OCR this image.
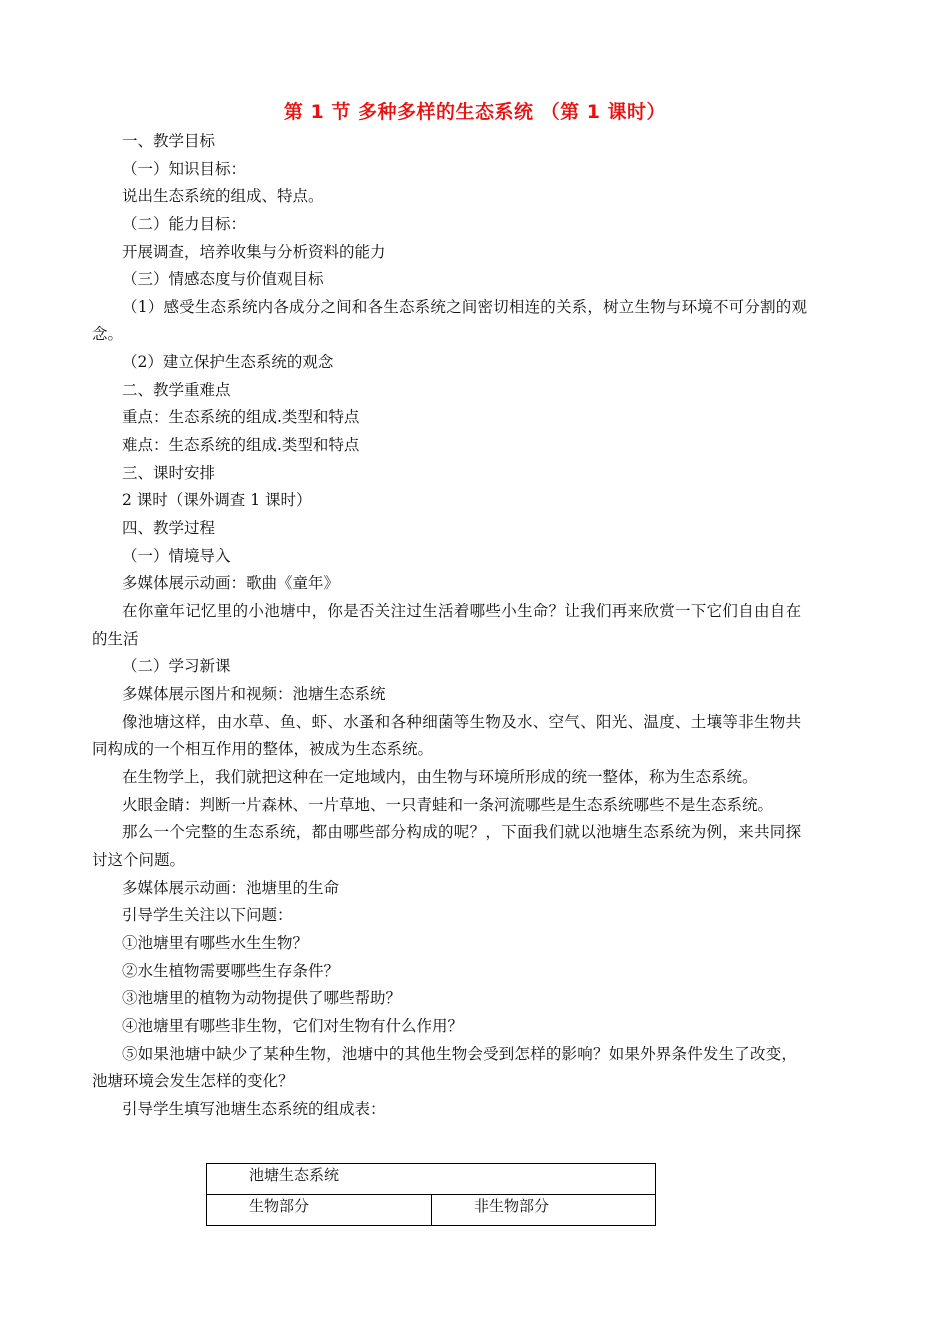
第 1 节 多种多样的生态系统 （第 1 课时）
一、教学目标
（一）知识目标：
说出生态系统的组成、特点。
（二）能力目标：
开展调查，培养收集与分析资料的能力
（三）情感态度与价值观目标
（1）感受生态系统内各成分之间和各生态系统之间密切相连的关系，树立生物与环境不可分割的观
念。
（2）建立保护生态系统的观念
二、教学重难点
重点：生态系统的组成.类型和特点
难点：生态系统的组成.类型和特点
三、课时安排
2 课时（课外调查 1 课时）
四、教学过程
（一）情境导入
多媒体展示动画：歌曲《童年》
在你童年记忆里的小池塘中，你是否关注过生活着哪些小生命？让我们再来欣赏一下它们自由自在
的生活
（二）学习新课
多媒体展示图片和视频：池塘生态系统
像池塘这样，由水草、鱼、虾、水蚤和各种细菌等生物及水、空气、阳光、温度、土壤等非生物共
同构成的一个相互作用的整体，被成为生态系统。
在生物学上，我们就把这种在一定地域内，由生物与环境所形成的统一整体，称为生态系统。
火眼金睛：判断一片森林、一片草地、一只青蛙和一条河流哪些是生态系统哪些不是生态系统。
那么一个完整的生态系统，都由哪些部分构成的呢？，下面我们就以池塘生态系统为例，来共同探
讨这个问题。
多媒体展示动画：池塘里的生命
引导学生关注以下问题：
①池塘里有哪些水生生物？
②水生植物需要哪些生存条件？
③池塘里的植物为动物提供了哪些帮助？
④池塘里有哪些非生物，它们对生物有什么作用？
⑤如果池塘中缺少了某种生物，池塘中的其他生物会受到怎样的影响？如果外界条件发生了改变，
池塘环境会发生怎样的变化？
引导学生填写池塘生态系统的组成表：
池塘生态系统
生物部分	非生物部分
